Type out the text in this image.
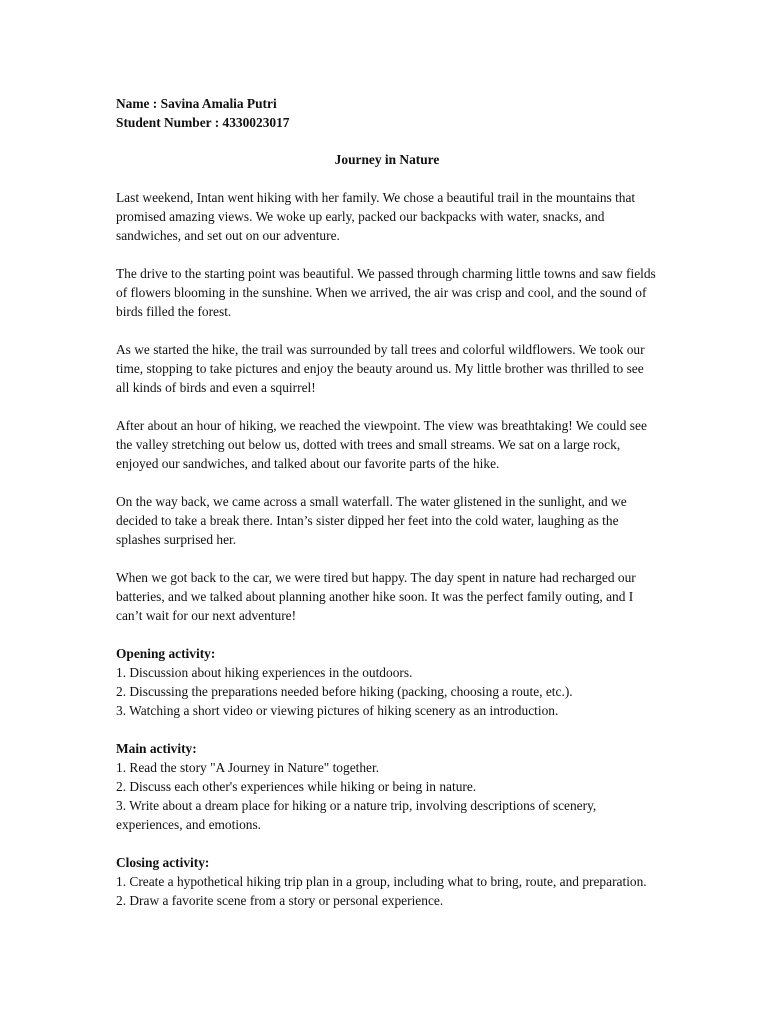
Name : Savina Amalia Putri

Student Number : 4330023017

Journey in Nature

Last weekend, Intan went hiking with her family. We chose a beautiful trail in the mountains that promised amazing views. We woke up early, packed our backpacks with water, snacks, and sandwiches, and set out on our adventure.

The drive to the starting point was beautiful. We passed through charming little towns and saw fields of flowers blooming in the sunshine. When we arrived, the air was crisp and cool, and the sound of birds filled the forest.

As we started the hike, the trail was surrounded by tall trees and colorful wildflowers. We took our time, stopping to take pictures and enjoy the beauty around us. My little brother was thrilled to see all kinds of birds and even a squirrel!

After about an hour of hiking, we reached the viewpoint. The view was breathtaking! We could see the valley stretching out below us, dotted with trees and small streams. We sat on a large rock, enjoyed our sandwiches, and talked about our favorite parts of the hike.

On the way back, we came across a small waterfall. The water glistened in the sunlight, and we decided to take a break there. Intan’s sister dipped her feet into the cold water, laughing as the splashes surprised her.

When we got back to the car, we were tired but happy. The day spent in nature had recharged our batteries, and we talked about planning another hike soon. It was the perfect family outing, and I can’t wait for our next adventure!

Opening activity:

1. Discussion about hiking experiences in the outdoors.

2. Discussing the preparations needed before hiking (packing, choosing a route, etc.).

3. Watching a short video or viewing pictures of hiking scenery as an introduction.

Main activity:

1. Read the story "A Journey in Nature" together.

2. Discuss each other's experiences while hiking or being in nature.

3. Write about a dream place for hiking or a nature trip, involving descriptions of scenery, experiences, and emotions.

Closing activity:

1. Create a hypothetical hiking trip plan in a group, including what to bring, route, and preparation.

2. Draw a favorite scene from a story or personal experience.
